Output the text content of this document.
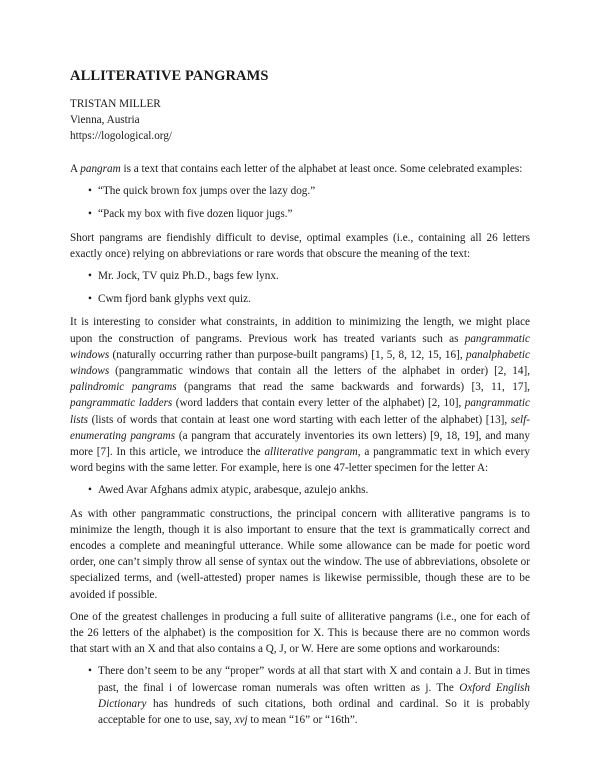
ALLITERATIVE PANGRAMS
TRISTAN MILLER
Vienna, Austria
https://logological.org/

A pangram is a text that contains each letter of the alphabet at least once. Some celebrated examples:

• “The quick brown fox jumps over the lazy dog.”
• “Pack my box with five dozen liquor jugs.”

Short pangrams are fiendishly difficult to devise, optimal examples (i.e., containing all 26 letters exactly once) relying on abbreviations or rare words that obscure the meaning of the text:

• Mr. Jock, TV quiz Ph.D., bags few lynx.
• Cwm fjord bank glyphs vext quiz.

It is interesting to consider what constraints, in addition to minimizing the length, we might place upon the construction of pangrams. Previous work has treated variants such as pangrammatic windows (naturally occurring rather than purpose-built pangrams) [1, 5, 8, 12, 15, 16], panalphabetic windows (pangrammatic windows that contain all the letters of the alphabet in order) [2, 14], palindromic pangrams (pangrams that read the same backwards and forwards) [3, 11, 17], pangrammatic ladders (word ladders that contain every letter of the alphabet) [2, 10], pangrammatic lists (lists of words that contain at least one word starting with each letter of the alphabet) [13], self-enumerating pangrams (a pangram that accurately inventories its own letters) [9, 18, 19], and many more [7]. In this article, we introduce the alliterative pangram, a pangrammatic text in which every word begins with the same letter. For example, here is one 47-letter specimen for the letter A:

• Awed Avar Afghans admix atypic, arabesque, azulejo ankhs.

As with other pangrammatic constructions, the principal concern with alliterative pangrams is to minimize the length, though it is also important to ensure that the text is grammatically correct and encodes a complete and meaningful utterance. While some allowance can be made for poetic word order, one can’t simply throw all sense of syntax out the window. The use of abbreviations, obsolete or specialized terms, and (well-attested) proper names is likewise permissible, though these are to be avoided if possible.

One of the greatest challenges in producing a full suite of alliterative pangrams (i.e., one for each of the 26 letters of the alphabet) is the composition for X. This is because there are no common words that start with an X and that also contains a Q, J, or W. Here are some options and workarounds:

• There don’t seem to be any “proper” words at all that start with X and contain a J. But in times past, the final i of lowercase roman numerals was often written as j. The Oxford English Dictionary has hundreds of such citations, both ordinal and cardinal. So it is probably acceptable for one to use, say, xvj to mean “16” or “16th”.
